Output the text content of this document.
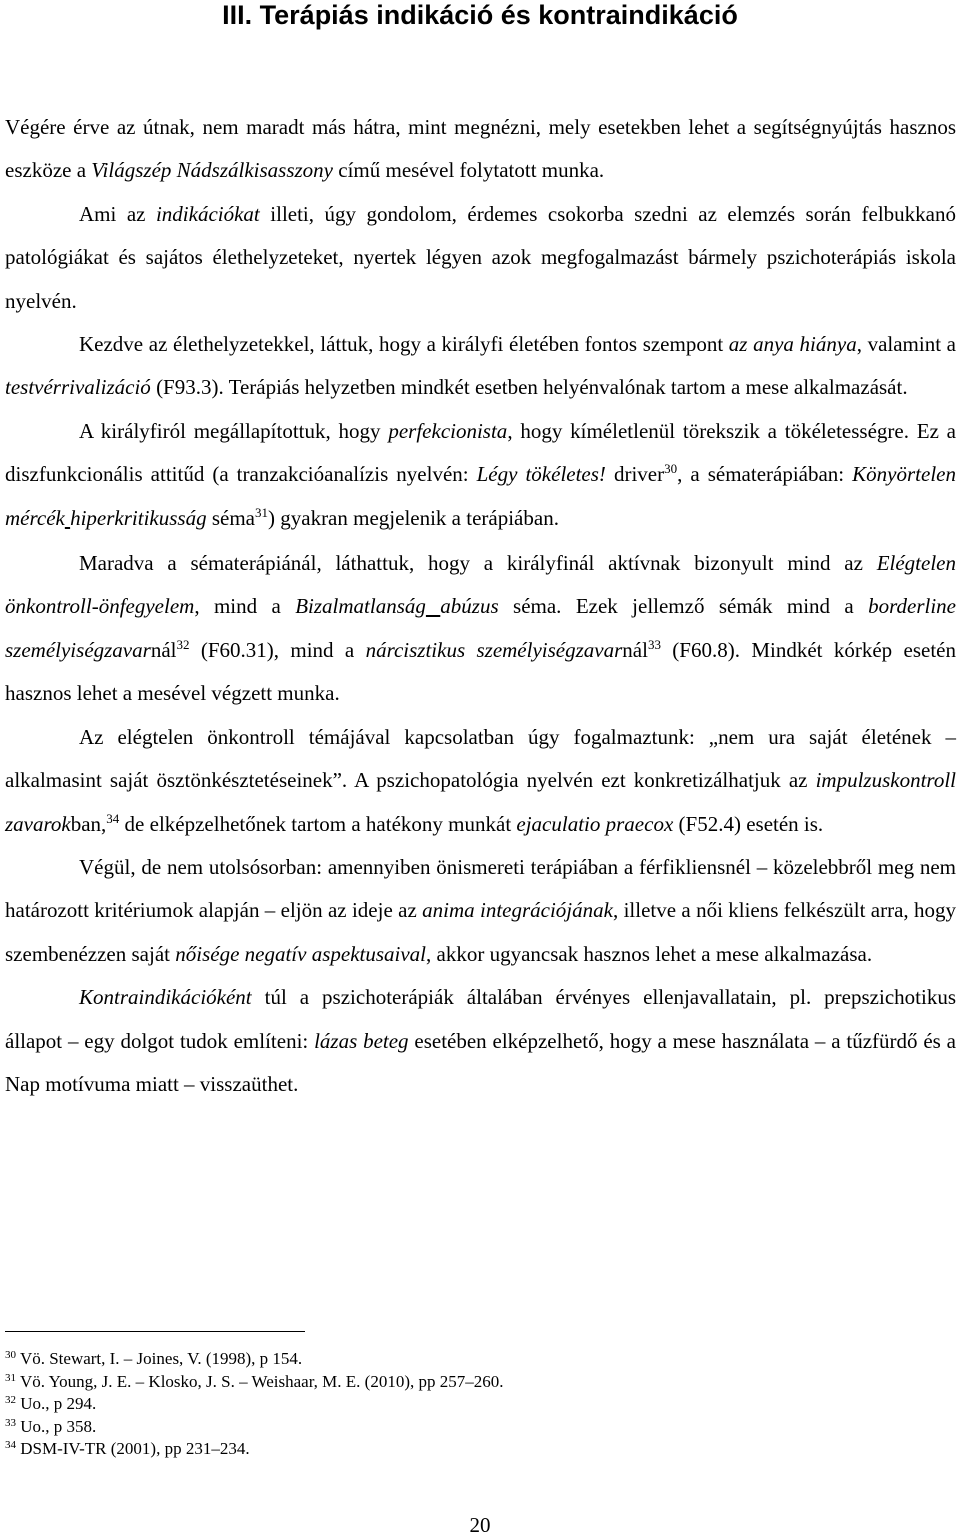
III. Terápiás indikáció és kontraindikáció

Végére érve az útnak, nem maradt más hátra, mint megnézni, mely esetekben lehet a segítségnyújtás hasznos eszköze a Világszép Nádszálkisasszony című mesével folytatott munka.

Ami az indikációkat illeti, úgy gondolom, érdemes csokorba szedni az elemzés során felbukkanó patológiákat és sajátos élethelyzeteket, nyertek légyen azok megfogalmazást bármely pszichoterápiás iskola nyelvén.

Kezdve az élethelyzetekkel, láttuk, hogy a királyfi életében fontos szempont az anya hiánya, valamint a testvérrivalizáció (F93.3). Terápiás helyzetben mindkét esetben helyénvalónak tartom a mese alkalmazását.

A királyfiról megállapítottuk, hogy perfekcionista, hogy kíméletlenül törekszik a tökéletességre. Ez a diszfunkcionális attitűd (a tranzakcióanalízis nyelvén: Légy tökéletes! driver$^{30}$, a sématerápiában: Könyörtelen mércék hiperkritikusság séma$^{31}$) gyakran megjelenik a terápiában.

Maradva a sématerápiánál, láthattuk, hogy a királyfinál aktívnak bizonyult mind az Elégtelen önkontroll-önfegyelem, mind a Bizalmatlanság abúzus séma. Ezek jellemző sémák mind a borderline személyiségzavarnál$^{32}$ (F60.31), mind a nárcisztikus személyiségzavarnál$^{33}$ (F60.8). Mindkét kórkép esetén hasznos lehet a mesével végzett munka.

Az elégtelen önkontroll témájával kapcsolatban úgy fogalmaztunk: „nem ura saját életének – alkalmasint saját ösztönkésztetéseinek”. A pszichopatológia nyelvén ezt konkretizálhatjuk az impulzuskontroll zavarokban,$^{34}$ de elképzelhetőnek tartom a hatékony munkát ejaculatio praecox (F52.4) esetén is.

Végül, de nem utolsósorban: amennyiben önismereti terápiában a férfikliensnél – közelebbről meg nem határozott kritériumok alapján – eljön az ideje az anima integrációjának, illetve a női kliens felkészült arra, hogy szembenézzen saját nőisége negatív aspektusaival, akkor ugyancsak hasznos lehet a mese alkalmazása.

Kontraindikációként túl a pszichoterápiák általában érvényes ellenjavallatain, pl. prepszichotikus állapot – egy dolgot tudok említeni: lázas beteg esetében elképzelhető, hogy a mese használata – a tűzfürdő és a Nap motívuma miatt – visszaüthet.

$^{30}$ Vö. Stewart, I. – Joines, V. (1998), p 154.
$^{31}$ Vö. Young, J. E. – Klosko, J. S. – Weishaar, M. E. (2010), pp 257–260.
$^{32}$ Uo., p 294.
$^{33}$ Uo., p 358.
$^{34}$ DSM-IV-TR (2001), pp 231–234.
20
